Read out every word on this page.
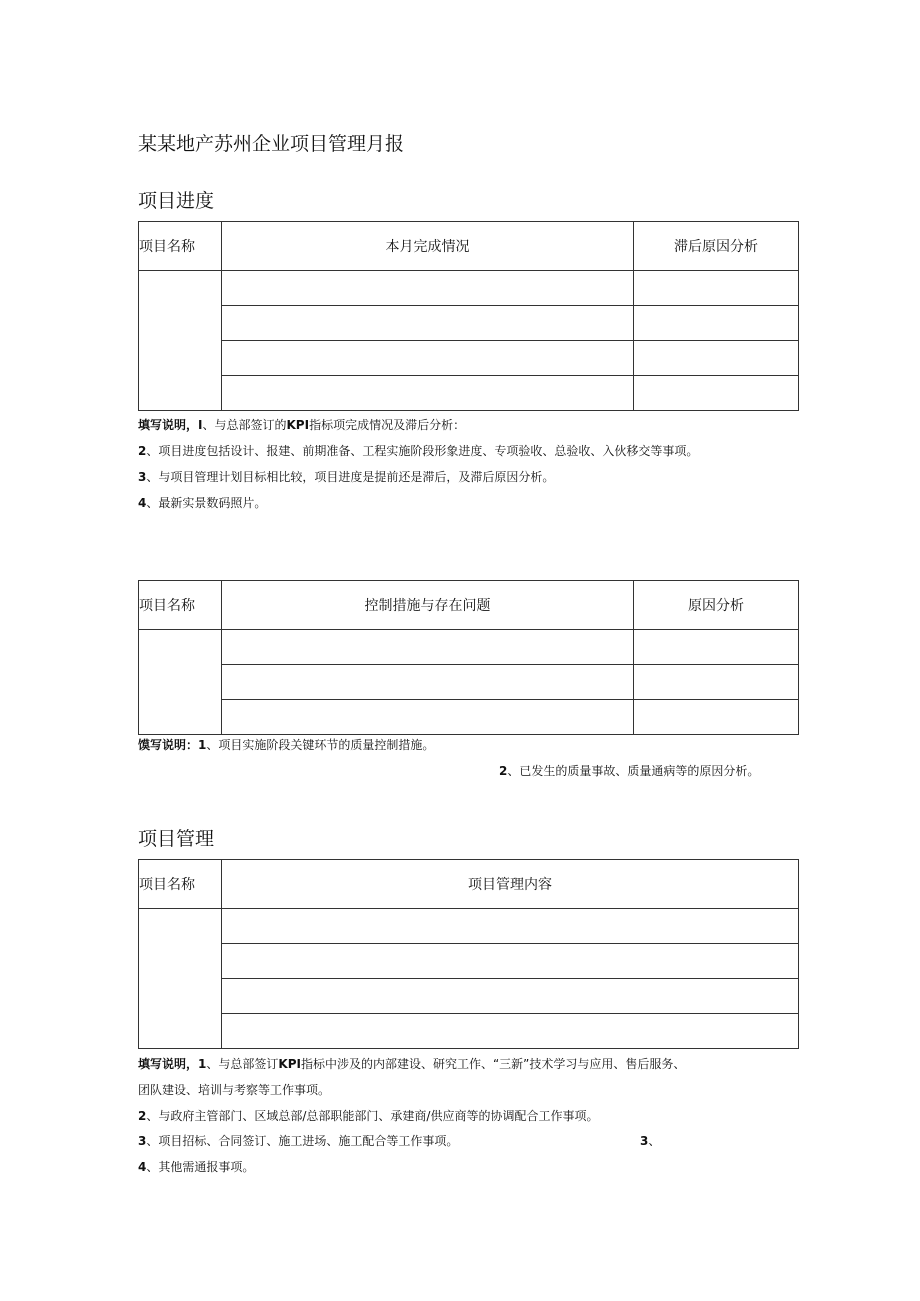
某某地产苏州企业项目管理月报
项目进度
项目名称	本月完成情况	滞后原因分析

填写说明，I、与总部签订的KPI指标项完成情况及滞后分析：
2、项目进度包括设计、报建、前期准备、工程实施阶段形象进度、专项验收、总验收、入伙移交等事项。
3、与项目管理计划目标相比较，项目进度是提前还是滞后，及滞后原因分析。
4、最新实景数码照片。
项目名称	控制措施与存在问题	原因分析

馍写说明：1、项目实施阶段关键环节的质量控制措施。
2、已发生的质量事故、质量通病等的原因分析。
项目管理
项目名称	项目管理内容

填写说明，1、与总部签订KPI指标中涉及的内部建设、研究工作、“三新”技术学习与应用、售后服务、
团队建设、培训与考察等工作事项。
2、与政府主管部门、区域总部/总部职能部门、承建商/供应商等的协调配合工作事项。
3、项目招标、合同签订、施工进场、施工配合等工作事项。	3、
4、其他需通报事项。
